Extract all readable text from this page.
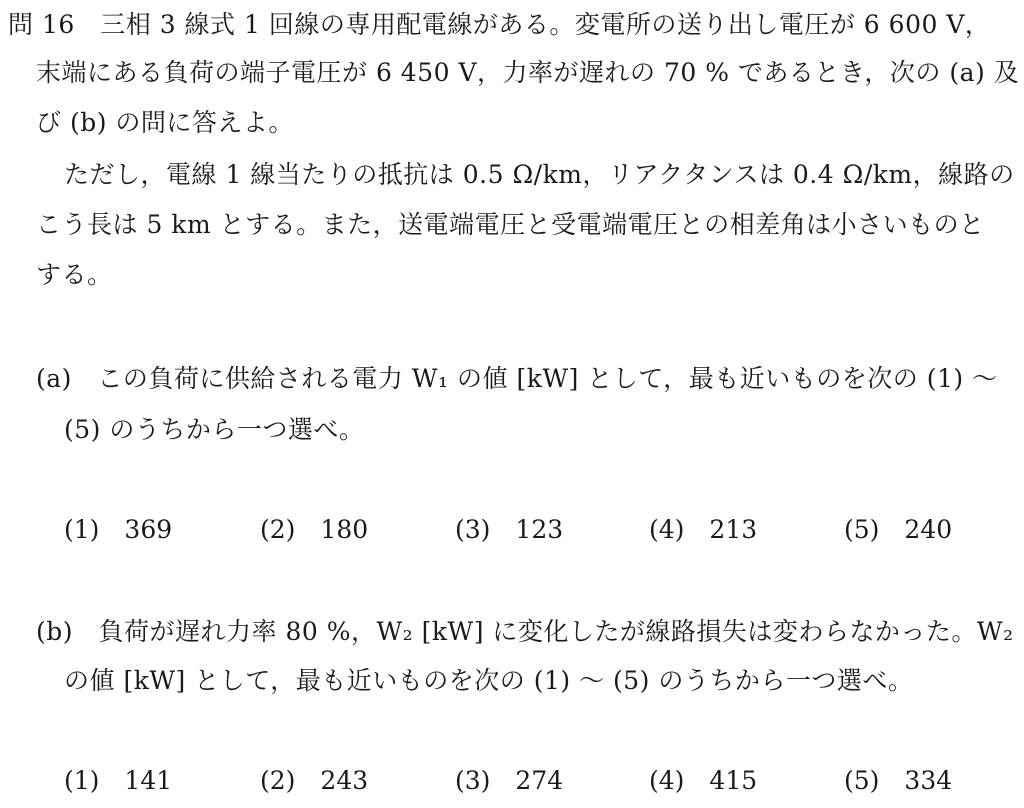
問 16　三相 3 線式 1 回線の専用配電線がある。変電所の送り出し電圧が 6 600 V，
末端にある負荷の端子電圧が 6 450 V，力率が遅れの 70 % であるとき，次の (a) 及
び (b) の問に答えよ。
ただし，電線 1 線当たりの抵抗は 0.5 Ω/km，リアクタンスは 0.4 Ω/km，線路の
こう長は 5 km とする。また，送電端電圧と受電端電圧との相差角は小さいものと
する。
(a)　この負荷に供給される電力 W₁ の値 [kW] として，最も近いものを次の (1) ～
(5) のうちから一つ選べ。
(1)　369	(2)　180	(3)　123	(4)　213	(5)　240
(b)　負荷が遅れ力率 80 %，W₂ [kW] に変化したが線路損失は変わらなかった。W₂
の値 [kW] として，最も近いものを次の (1) ～ (5) のうちから一つ選べ。
(1)　141	(2)　243	(3)　274	(4)　415	(5)　334
